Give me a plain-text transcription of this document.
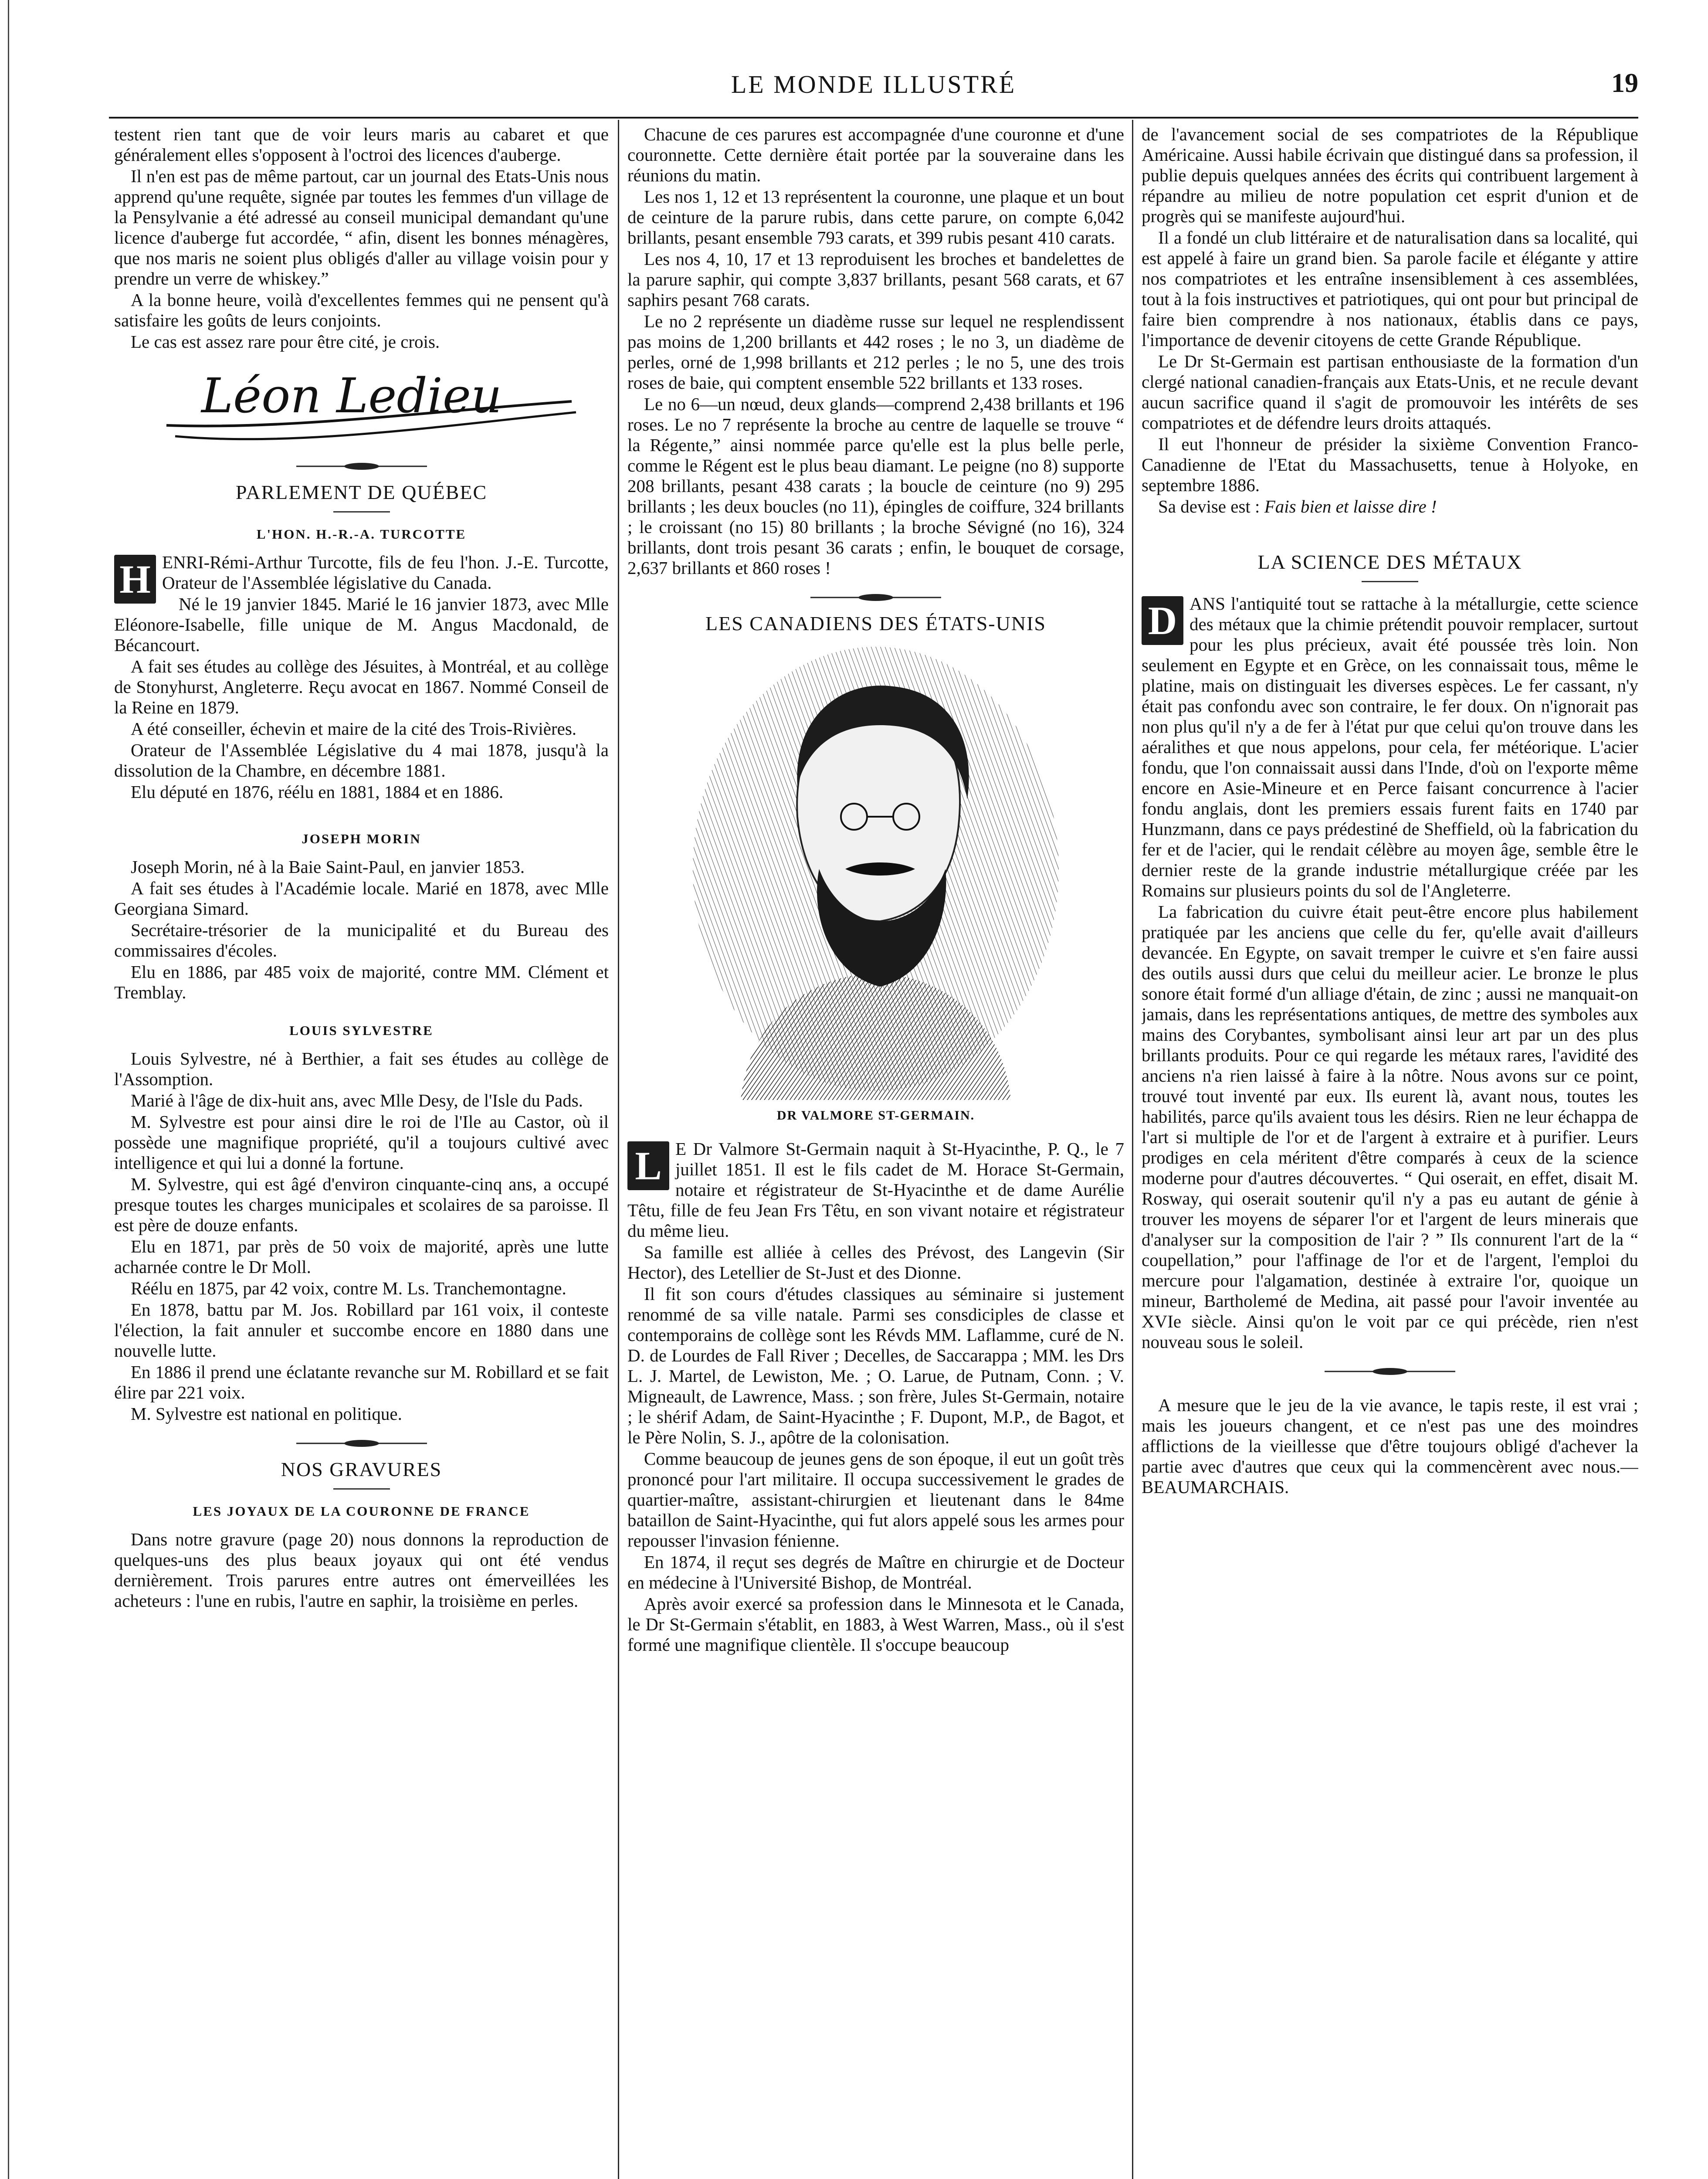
LE MONDE ILLUSTRÉ	19

testent rien tant que de voir leurs maris au cabaret et que généralement elles s'opposent à l'octroi des licences d'auberge.

Il n'en est pas de même partout, car un journal des Etats-Unis nous apprend qu'une requête, signée par toutes les femmes d'un village de la Pensylvanie a été adressé au conseil municipal demandant qu'une licence d'auberge fut accordée, “ afin, disent les bonnes ménagères, que nos maris ne soient plus obligés d'aller au village voisin pour y prendre un verre de whiskey.”

A la bonne heure, voilà d'excellentes femmes qui ne pensent qu'à satisfaire les goûts de leurs conjoints.

Le cas est assez rare pour être cité, je crois.

Léon Ledieu
PARLEMENT DE QUÉBEC
L'HON. H.-R.-A. TURCOTTE

H ENRI-Rémi-Arthur Turcotte, fils de feu l'hon. J.-E. Turcotte, Orateur de l'Assemblée législative du Canada.

Né le 19 janvier 1845. Marié le 16 janvier 1873, avec Mlle Eléonore-Isabelle, fille unique de M. Angus Macdonald, de Bécancourt.

A fait ses études au collège des Jésuites, à Montréal, et au collège de Stonyhurst, Angleterre. Reçu avocat en 1867. Nommé Conseil de la Reine en 1879.

A été conseiller, échevin et maire de la cité des Trois-Rivières.

Orateur de l'Assemblée Législative du 4 mai 1878, jusqu'à la dissolution de la Chambre, en décembre 1881.

Elu député en 1876, réélu en 1881, 1884 et en 1886.

JOSEPH MORIN

Joseph Morin, né à la Baie Saint-Paul, en janvier 1853.

A fait ses études à l'Académie locale. Marié en 1878, avec Mlle Georgiana Simard.

Secrétaire-trésorier de la municipalité et du Bureau des commissaires d'écoles.

Elu en 1886, par 485 voix de majorité, contre MM. Clément et Tremblay.

LOUIS SYLVESTRE

Louis Sylvestre, né à Berthier, a fait ses études au collège de l'Assomption.

Marié à l'âge de dix-huit ans, avec Mlle Desy, de l'Isle du Pads.

M. Sylvestre est pour ainsi dire le roi de l'Ile au Castor, où il possède une magnifique propriété, qu'il a toujours cultivé avec intelligence et qui lui a donné la fortune.

M. Sylvestre, qui est âgé d'environ cinquante-cinq ans, a occupé presque toutes les charges municipales et scolaires de sa paroisse. Il est père de douze enfants.

Elu en 1871, par près de 50 voix de majorité, après une lutte acharnée contre le Dr Moll.

Réélu en 1875, par 42 voix, contre M. Ls. Tranchemontagne.

En 1878, battu par M. Jos. Robillard par 161 voix, il conteste l'élection, la fait annuler et succombe encore en 1880 dans une nouvelle lutte.

En 1886 il prend une éclatante revanche sur M. Robillard et se fait élire par 221 voix.

M. Sylvestre est national en politique.

NOS GRAVURES
LES JOYAUX DE LA COURONNE DE FRANCE

Dans notre gravure (page 20) nous donnons la reproduction de quelques-uns des plus beaux joyaux qui ont été vendus dernièrement. Trois parures entre autres ont émerveillées les acheteurs : l'une en rubis, l'autre en saphir, la troisième en perles.

Chacune de ces parures est accompagnée d'une couronne et d'une couronnette. Cette dernière était portée par la souveraine dans les réunions du matin.

Les nos 1, 12 et 13 représentent la couronne, une plaque et un bout de ceinture de la parure rubis, dans cette parure, on compte 6,042 brillants, pesant ensemble 793 carats, et 399 rubis pesant 410 carats.

Les nos 4, 10, 17 et 13 reproduisent les broches et bandelettes de la parure saphir, qui compte 3,837 brillants, pesant 568 carats, et 67 saphirs pesant 768 carats.

Le no 2 représente un diadème russe sur lequel ne resplendissent pas moins de 1,200 brillants et 442 roses ; le no 3, un diadème de perles, orné de 1,998 brillants et 212 perles ; le no 5, une des trois roses de baie, qui comptent ensemble 522 brillants et 133 roses.

Le no 6—un nœud, deux glands—comprend 2,438 brillants et 196 roses. Le no 7 représente la broche au centre de laquelle se trouve “ la Régente,” ainsi nommée parce qu'elle est la plus belle perle, comme le Régent est le plus beau diamant. Le peigne (no 8) supporte 208 brillants, pesant 438 carats ; la boucle de ceinture (no 9) 295 brillants ; les deux boucles (no 11), épingles de coiffure, 324 brillants ; le croissant (no 15) 80 brillants ; la broche Sévigné (no 16), 324 brillants, dont trois pesant 36 carats ; enfin, le bouquet de corsage, 2,637 brillants et 860 roses !

LES CANADIENS DES ÉTATS-UNIS
DR VALMORE ST-GERMAIN.

L E Dr Valmore St-Germain naquit à St-Hyacinthe, P. Q., le 7 juillet 1851. Il est le fils cadet de M. Horace St-Germain, notaire et régistrateur de St-Hyacinthe et de dame Aurélie Têtu, fille de feu Jean Frs Têtu, en son vivant notaire et régistrateur du même lieu.

Sa famille est alliée à celles des Prévost, des Langevin (Sir Hector), des Letellier de St-Just et des Dionne.

Il fit son cours d'études classiques au séminaire si justement renommé de sa ville natale. Parmi ses consdiciples de classe et contemporains de collège sont les Révds MM. Laflamme, curé de N. D. de Lourdes de Fall River ; Decelles, de Saccarappa ; MM. les Drs L. J. Martel, de Lewiston, Me. ; O. Larue, de Putnam, Conn. ; V. Migneault, de Lawrence, Mass. ; son frère, Jules St-Germain, notaire ; le shérif Adam, de Saint-Hyacinthe ; F. Dupont, M.P., de Bagot, et le Père Nolin, S. J., apôtre de la colonisation.

Comme beaucoup de jeunes gens de son époque, il eut un goût très prononcé pour l'art militaire. Il occupa successivement le grades de quartier-maître, assistant-chirurgien et lieutenant dans le 84me bataillon de Saint-Hyacinthe, qui fut alors appelé sous les armes pour repousser l'invasion fénienne.

En 1874, il reçut ses degrés de Maître en chirurgie et de Docteur en médecine à l'Université Bishop, de Montréal.

Après avoir exercé sa profession dans le Minnesota et le Canada, le Dr St-Germain s'établit, en 1883, à West Warren, Mass., où il s'est formé une magnifique clientèle. Il s'occupe beaucoup

de l'avancement social de ses compatriotes de la République Américaine. Aussi habile écrivain que distingué dans sa profession, il publie depuis quelques années des écrits qui contribuent largement à répandre au milieu de notre population cet esprit d'union et de progrès qui se manifeste aujourd'hui.

Il a fondé un club littéraire et de naturalisation dans sa localité, qui est appelé à faire un grand bien. Sa parole facile et élégante y attire nos compatriotes et les entraîne insensiblement à ces assemblées, tout à la fois instructives et patriotiques, qui ont pour but principal de faire bien comprendre à nos nationaux, établis dans ce pays, l'importance de devenir citoyens de cette Grande République.

Le Dr St-Germain est partisan enthousiaste de la formation d'un clergé national canadien-français aux Etats-Unis, et ne recule devant aucun sacrifice quand il s'agit de promouvoir les intérêts de ses compatriotes et de défendre leurs droits attaqués.

Il eut l'honneur de présider la sixième Convention Franco-Canadienne de l'Etat du Massachusetts, tenue à Holyoke, en septembre 1886.

Sa devise est : Fais bien et laisse dire !

LA SCIENCE DES MÉTAUX

D ANS l'antiquité tout se rattache à la métallurgie, cette science des métaux que la chimie prétendit pouvoir remplacer, surtout pour les plus précieux, avait été poussée très loin. Non seulement en Egypte et en Grèce, on les connaissait tous, même le platine, mais on distinguait les diverses espèces. Le fer cassant, n'y était pas confondu avec son contraire, le fer doux. On n'ignorait pas non plus qu'il n'y a de fer à l'état pur que celui qu'on trouve dans les aéralithes et que nous appelons, pour cela, fer météorique. L'acier fondu, que l'on connaissait aussi dans l'Inde, d'où on l'exporte même encore en Asie-Mineure et en Perce faisant concurrence à l'acier fondu anglais, dont les premiers essais furent faits en 1740 par Hunzmann, dans ce pays prédestiné de Sheffield, où la fabrication du fer et de l'acier, qui le rendait célèbre au moyen âge, semble être le dernier reste de la grande industrie métallurgique créée par les Romains sur plusieurs points du sol de l'Angleterre.

La fabrication du cuivre était peut-être encore plus habilement pratiquée par les anciens que celle du fer, qu'elle avait d'ailleurs devancée. En Egypte, on savait tremper le cuivre et s'en faire aussi des outils aussi durs que celui du meilleur acier. Le bronze le plus sonore était formé d'un alliage d'étain, de zinc ; aussi ne manquait-on jamais, dans les représentations antiques, de mettre des symboles aux mains des Corybantes, symbolisant ainsi leur art par un des plus brillants produits. Pour ce qui regarde les métaux rares, l'avidité des anciens n'a rien laissé à faire à la nôtre. Nous avons sur ce point, trouvé tout inventé par eux. Ils eurent là, avant nous, toutes les habilités, parce qu'ils avaient tous les désirs. Rien ne leur échappa de l'art si multiple de l'or et de l'argent à extraire et à purifier. Leurs prodiges en cela méritent d'être comparés à ceux de la science moderne pour d'autres découvertes. “ Qui oserait, en effet, disait M. Rosway, qui oserait soutenir qu'il n'y a pas eu autant de génie à trouver les moyens de séparer l'or et l'argent de leurs minerais que d'analyser sur la composition de l'air ? ” Ils connurent l'art de la “ coupellation,” pour l'affinage de l'or et de l'argent, l'emploi du mercure pour l'algamation, destinée à extraire l'or, quoique un mineur, Bartholemé de Medina, ait passé pour l'avoir inventée au XVIe siècle. Ainsi qu'on le voit par ce qui précède, rien n'est nouveau sous le soleil.

A mesure que le jeu de la vie avance, le tapis reste, il est vrai ; mais les joueurs changent, et ce n'est pas une des moindres afflictions de la vieillesse que d'être toujours obligé d'achever la partie avec d'autres que ceux qui la commencèrent avec nous.—BEAUMARCHAIS.
